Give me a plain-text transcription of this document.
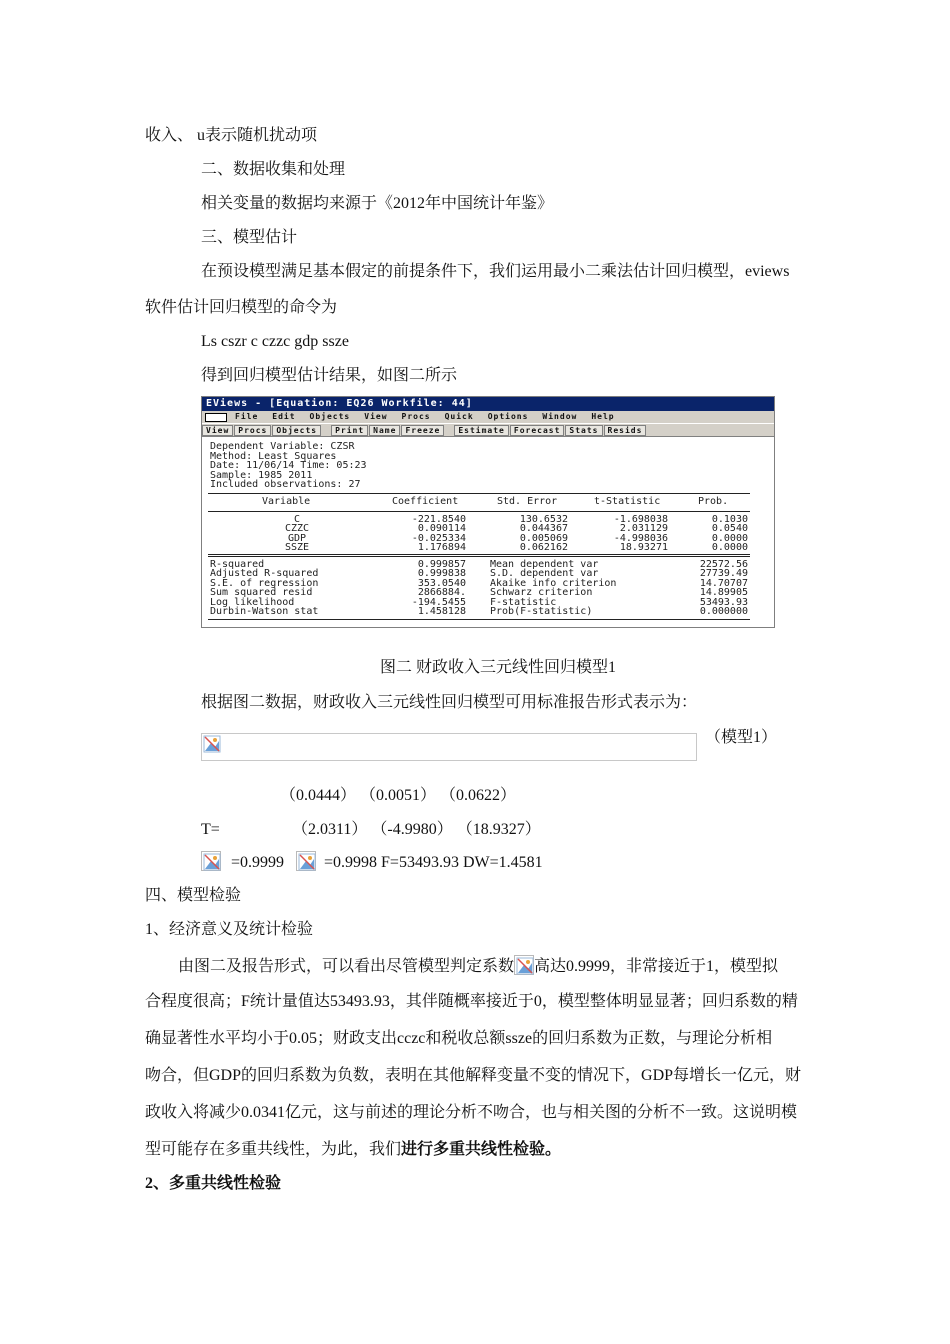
收入、 u表示随机扰动项
二、数据收集和处理
相关变量的数据均来源于《2012年中国统计年鉴》
三、模型估计
在预设模型满足基本假定的前提条件下，我们运用最小二乘法估计回归模型，eviews
软件估计回归模型的命令为
Ls cszr c czzc gdp ssze
得到回归模型估计结果，如图二所示
EViews - [Equation: EQ26 Workfile: 44]
File Edit Objects View Procs Quick Options Window Help
View	Procs	Objects	Print	Name	Freeze	Estimate	Forecast	Stats	Resids
Dependent Variable: CZSR
Method: Least Squares
Date: 11/06/14 Time: 05:23
Sample: 1985 2011
Included observations: 27
Variable	Coefficient	Std. Error	t-Statistic	Prob.
C	-221.8540	130.6532	-1.698038	0.1030
CZZC	0.090114	0.044367	2.031129	0.0540
GDP	-0.025334	0.005069	-4.998036	0.0000
SSZE	1.176894	0.062162	18.93271	0.0000
R-squared	0.999857 Mean dependent var	22572.56
Adjusted R-squared	0.999838 S.D. dependent var	27739.49
S.E. of regression	353.0540 Akaike info criterion	14.70707
Sum squared resid	2866884. Schwarz criterion	14.89905
Log likelihood	-194.5455 F-statistic	53493.93
Durbin-Watson stat	1.458128 Prob(F-statistic)	0.000000
图二 财政收入三元线性回归模型1
根据图二数据，财政收入三元线性回归模型可用标准报告形式表示为：
（模型1）
（0.0444） （0.0051） （0.0622）
T=	（2.0311） （-4.9980） （18.9327）
=0.9999 =0.9998 F=53493.93 DW=1.4581
四、模型检验
1、经济意义及统计检验
由图二及报告形式，可以看出尽管模型判定系数 高达0.9999，非常接近于1，模型拟
合程度很高；F统计量值达53493.93，其伴随概率接近于0，模型整体明显显著；回归系数的精
确显著性水平均小于0.05；财政支出cczc和税收总额ssze的回归系数为正数，与理论分析相
吻合，但GDP的回归系数为负数，表明在其他解释变量不变的情况下，GDP每增长一亿元，财
政收入将减少0.0341亿元，这与前述的理论分析不吻合，也与相关图的分析不一致。这说明模
型可能存在多重共线性，为此，我们进行多重共线性检验。
2、多重共线性检验
